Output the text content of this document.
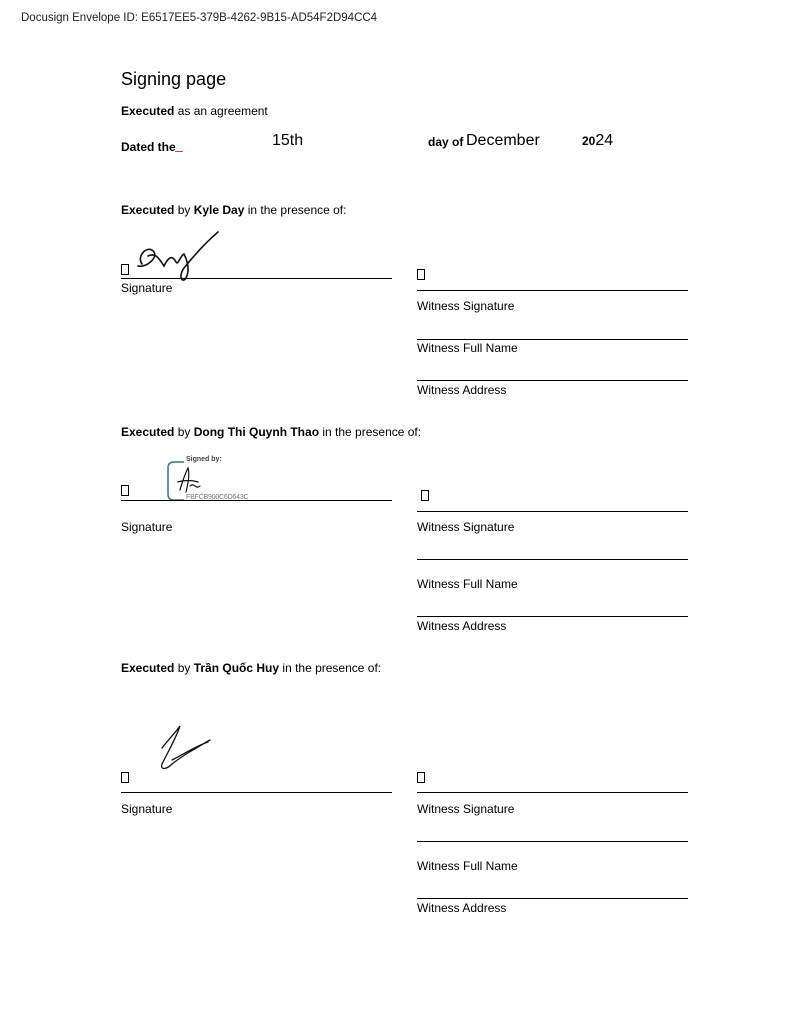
Docusign Envelope ID: E6517EE5-379B-4262-9B15-AD54F2D94CC4
Signing page
Executed as an agreement
Dated the	15th	day of December	2024
Executed by Kyle Day in the presence of:
Signature
Witness Signature
Witness Full Name
Witness Address
Executed by Dong Thi Quynh Thao in the presence of:
Signed by:
FBFCB900C6D643C
Signature	Witness Signature
Witness Full Name
Witness Address
Executed by Trần Quốc Huy in the presence of:
Signature	Witness Signature
Witness Full Name
Witness Address
